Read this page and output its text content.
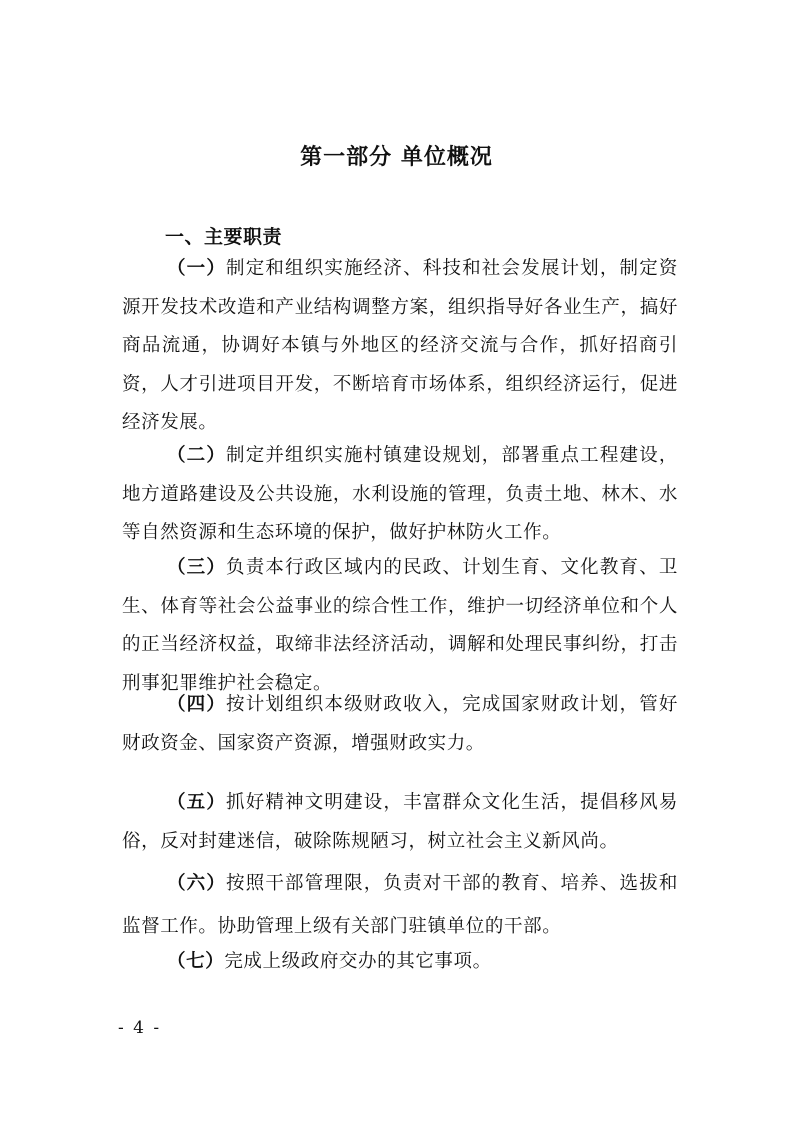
第一部分 单位概况
一、主要职责

（一）制定和组织实施经济、科技和社会发展计划，制定资源开发技术改造和产业结构调整方案，组织指导好各业生产，搞好商品流通，协调好本镇与外地区的经济交流与合作，抓好招商引资，人才引进项目开发，不断培育市场体系，组织经济运行，促进经济发展。

（二）制定并组织实施村镇建设规划，部署重点工程建设，地方道路建设及公共设施，水利设施的管理，负责土地、林木、水等自然资源和生态环境的保护，做好护林防火工作。

（三）负责本行政区域内的民政、计划生育、文化教育、卫　生、体育等社会公益事业的综合性工作，维护一切经济单位和个人的正当经济权益，取缔非法经济活动，调解和处理民事纠纷，打击刑事犯罪维护社会稳定。

（四）按计划组织本级财政收入，完成国家财政计划，管好财政资金、国家资产资源，增强财政实力。

（五）抓好精神文明建设，丰富群众文化生活，提倡移风易俗，反对封建迷信，破除陈规陋习，树立社会主义新风尚。

（六）按照干部管理限，负责对干部的教育、培养、选拔和监督工作。协助管理上级有关部门驻镇单位的干部。

（七）完成上级政府交办的其它事项。

- 4 -
